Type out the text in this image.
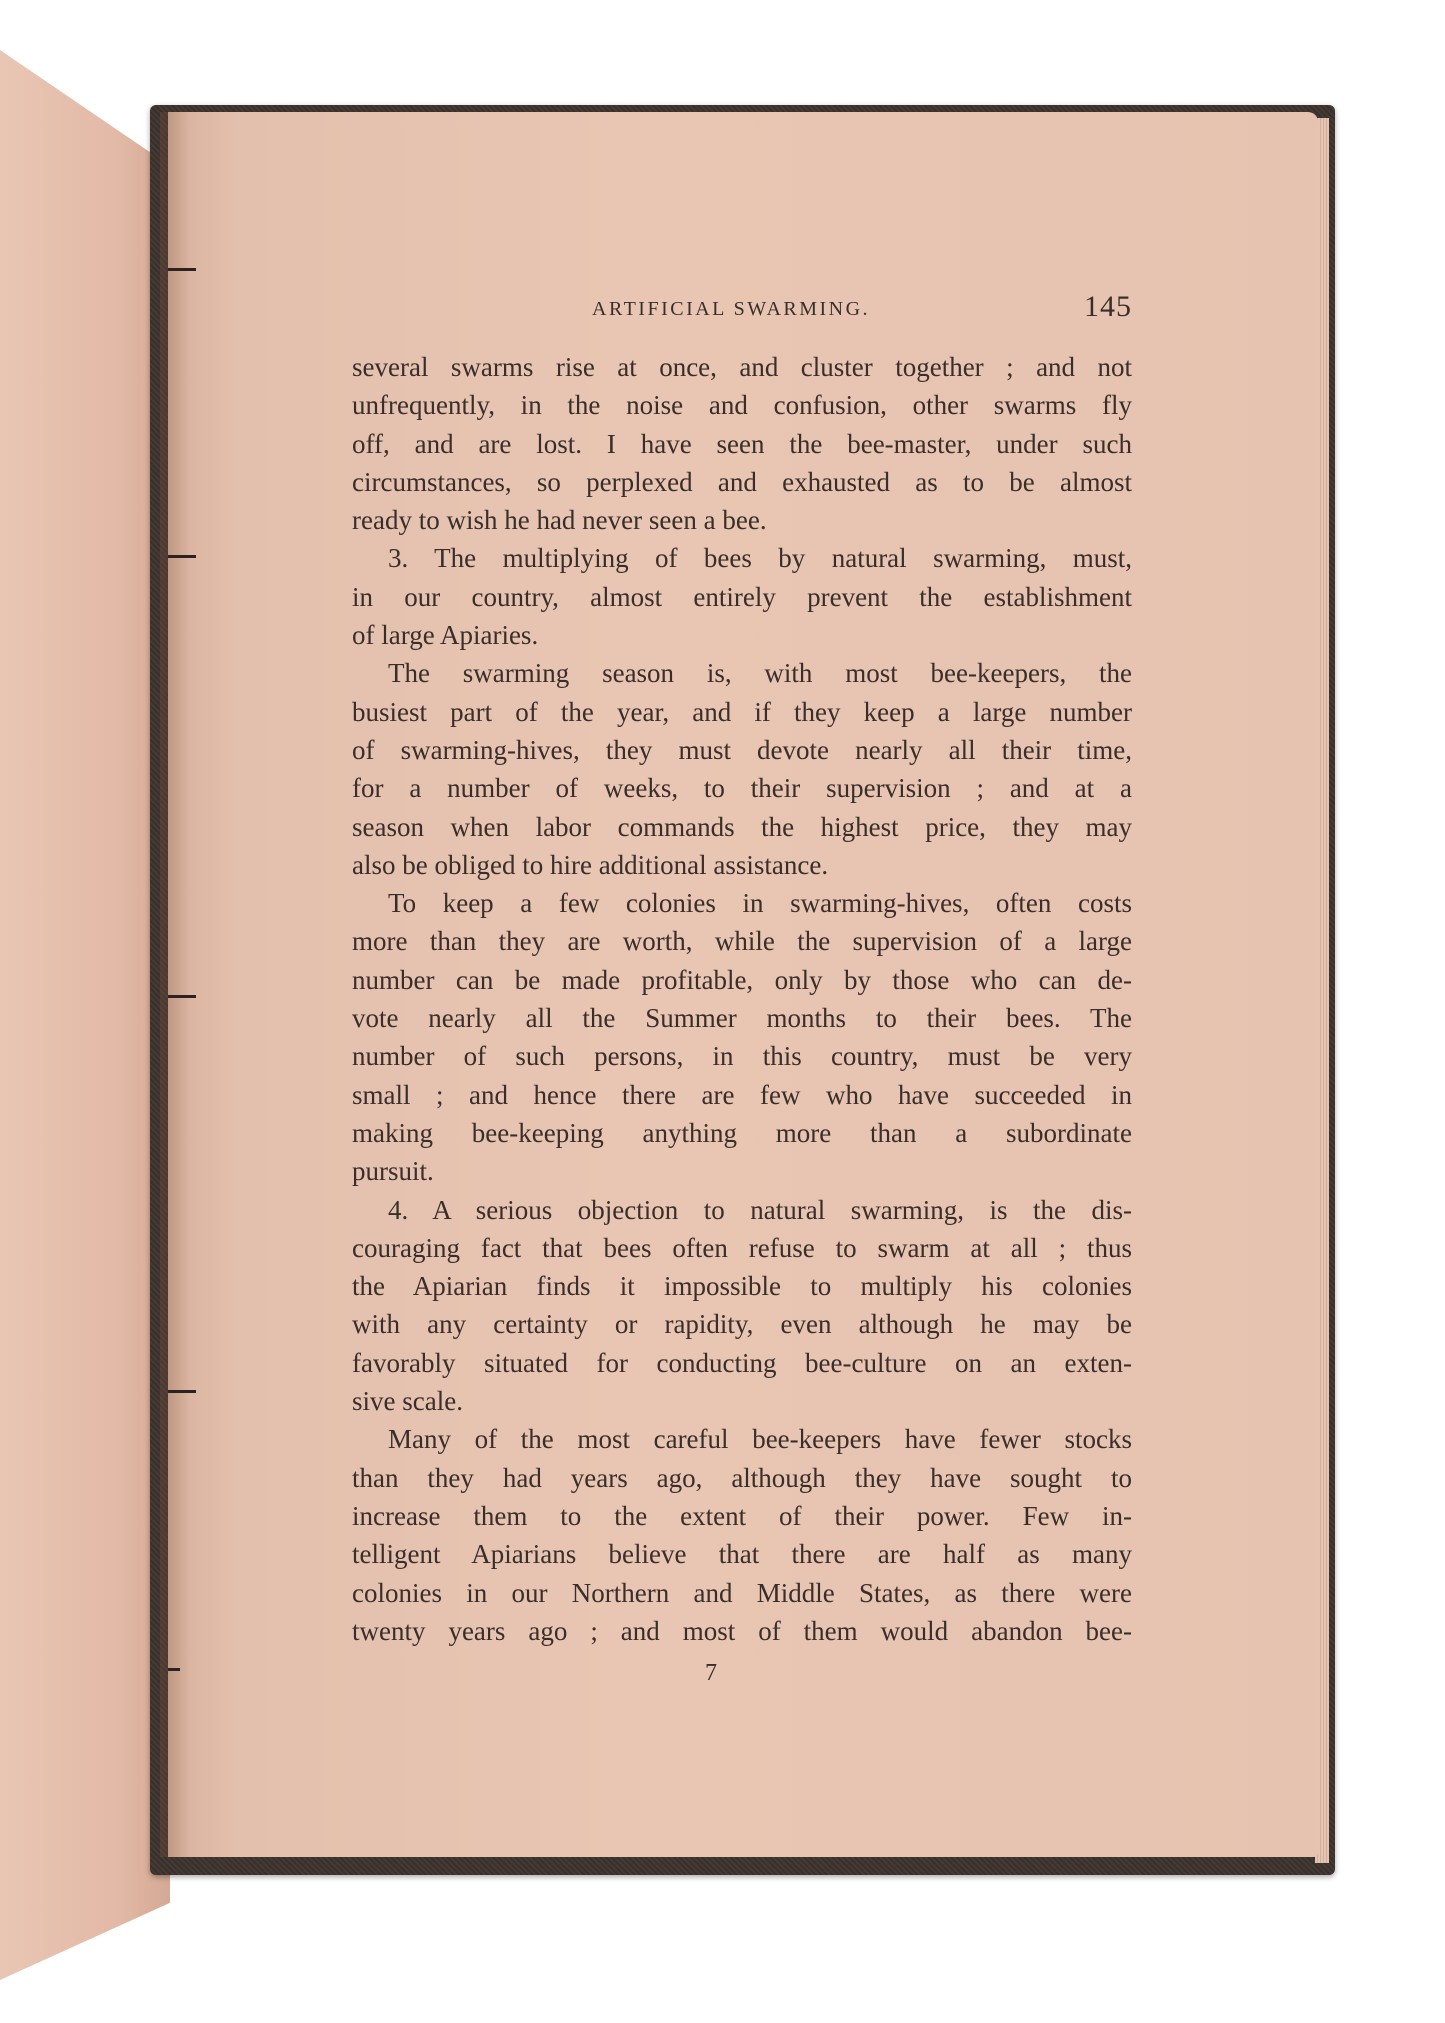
ARTIFICIAL SWARMING.	145
several swarms rise at once, and cluster together ; and not
unfrequently, in the noise and confusion, other swarms fly
off, and are lost. I have seen the bee-master, under such
circumstances, so perplexed and exhausted as to be almost
ready to wish he had never seen a bee.
3. The multiplying of bees by natural swarming, must,
in our country, almost entirely prevent the establishment
of large Apiaries.
The swarming season is, with most bee-keepers, the
busiest part of the year, and if they keep a large number
of swarming-hives, they must devote nearly all their time,
for a number of weeks, to their supervision ; and at a
season when labor commands the highest price, they may
also be obliged to hire additional assistance.
To keep a few colonies in swarming-hives, often costs
more than they are worth, while the supervision of a large
number can be made profitable, only by those who can de-
vote nearly all the Summer months to their bees. The
number of such persons, in this country, must be very
small ; and hence there are few who have succeeded in
making bee-keeping anything more than a subordinate
pursuit.
4. A serious objection to natural swarming, is the dis-
couraging fact that bees often refuse to swarm at all ; thus
the Apiarian finds it impossible to multiply his colonies
with any certainty or rapidity, even although he may be
favorably situated for conducting bee-culture on an exten-
sive scale.
Many of the most careful bee-keepers have fewer stocks
than they had years ago, although they have sought to
increase them to the extent of their power. Few in-
telligent Apiarians believe that there are half as many
colonies in our Northern and Middle States, as there were
twenty years ago ; and most of them would abandon bee-
7
